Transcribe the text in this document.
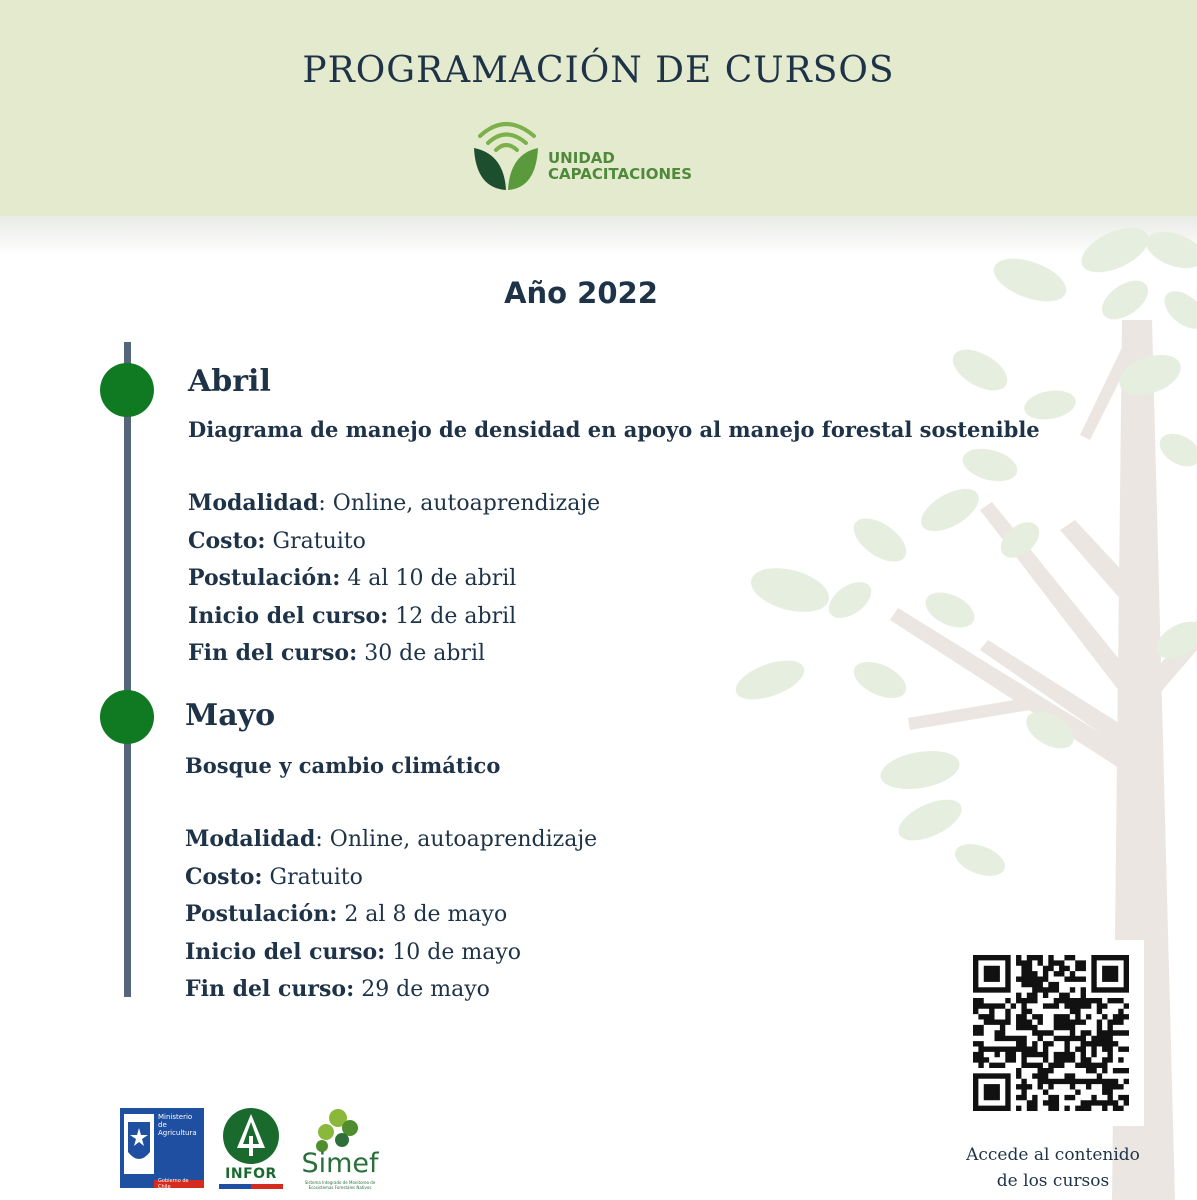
PROGRAMACIÓN DE CURSOS
UNIDAD
CAPACITACIONES
Año 2022
Abril
Diagrama de manejo de densidad en apoyo al manejo forestal sostenible
Modalidad: Online, autoaprendizaje
Costo: Gratuito
Postulación: 4 al 10 de abril
Inicio del curso: 12 de abril
Fin del curso: 30 de abril
Mayo
Bosque y cambio climático
Modalidad: Online, autoaprendizaje
Costo: Gratuito
Postulación: 2 al 8 de mayo
Inicio del curso: 10 de mayo
Fin del curso: 29 de mayo
Accede al contenido
de los cursos
Ministerio de
Agricultura
Gobierno de Chile
INFOR Simef
Sistema Integrado de Monitoreo de Ecosistemas Forestales Nativos
